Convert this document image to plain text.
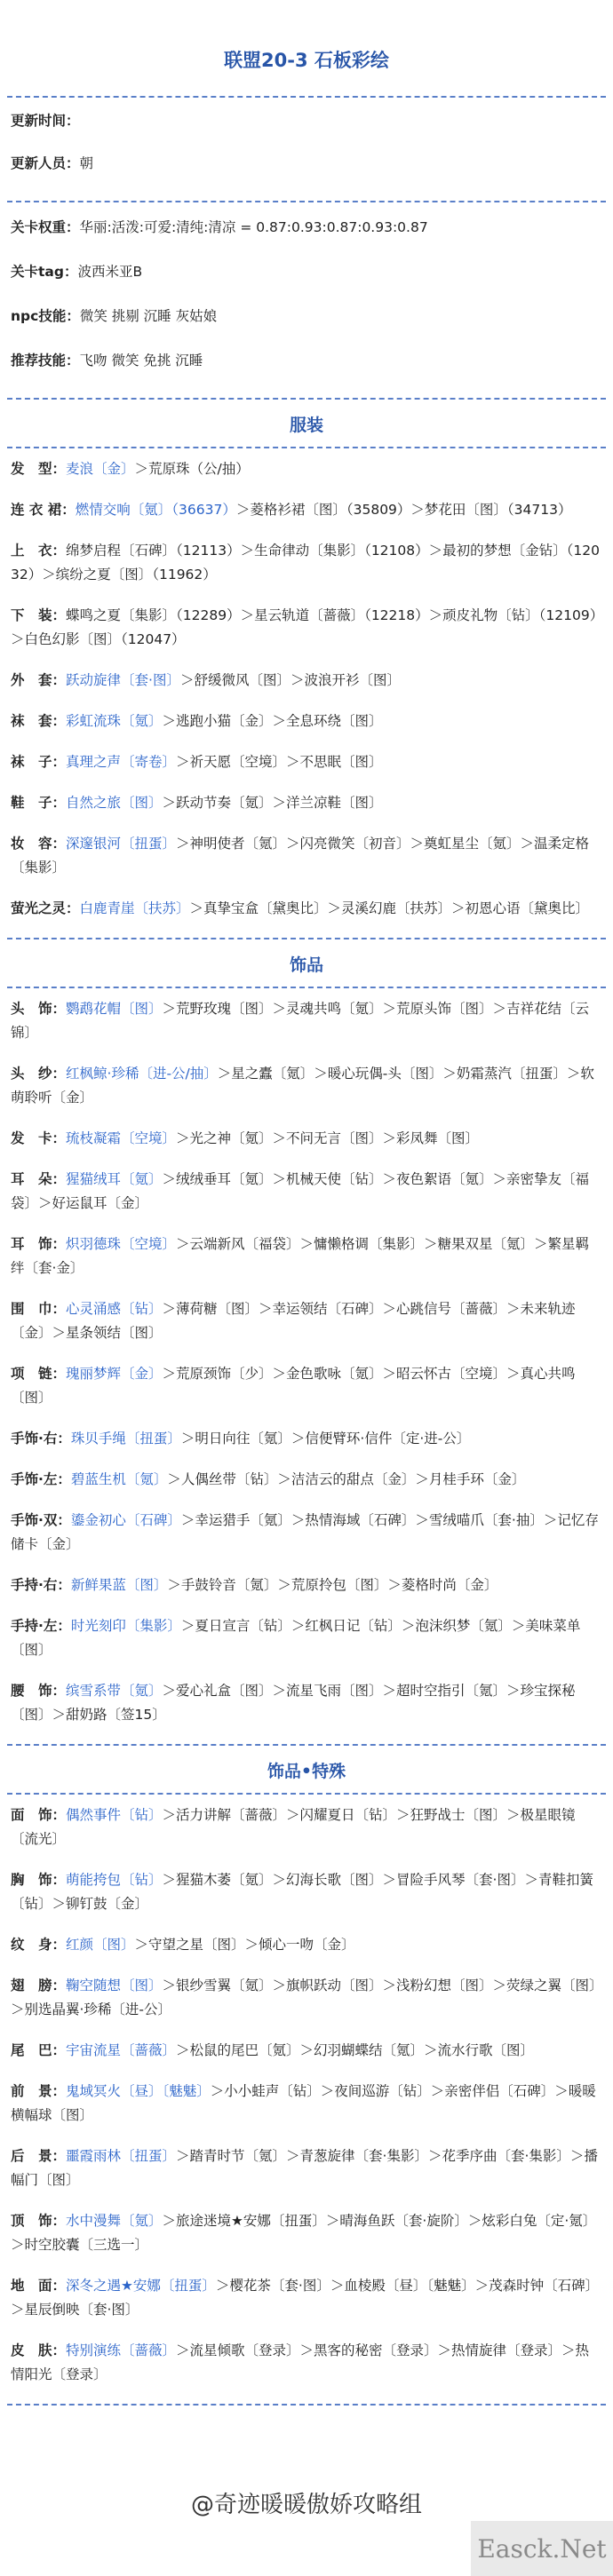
联盟20-3 石板彩绘
更新时间：
更新人员：朝
关卡权重：华丽:活泼:可爱:清纯:清凉 = 0.87:0.93:0.87:0.93:0.87
关卡tag：波西米亚B
npc技能：微笑 挑剔 沉睡 灰姑娘
推荐技能：飞吻 微笑 免挑 沉睡
服装
发　型：麦浪〔金〕＞荒原珠（公/抽）
连 衣 裙：燃情交响〔氪〕（36637）＞菱格衫裙〔图〕（35809）＞梦花田〔图〕（34713）
上　衣：绵梦启程〔石碑〕（12113）＞生命律动〔集影〕（12108）＞最初的梦想〔金钻〕（12032）＞缤纷之夏〔图〕（11962）
下　装：蝶鸣之夏〔集影〕（12289）＞星云轨道〔蔷薇〕（12218）＞顽皮礼物〔钻〕（12109）＞白色幻影〔图〕（12047）
外　套：跃动旋律〔套·图〕＞舒缓微风〔图〕＞波浪开衫〔图〕
袜　套：彩虹流珠〔氪〕＞逃跑小猫〔金〕＞全息环绕〔图〕
袜　子：真理之声〔寄卷〕＞祈天愿〔空境〕＞不思眠〔图〕
鞋　子：自然之旅〔图〕＞跃动节奏〔氪〕＞洋兰凉鞋〔图〕
妆　容：深邃银河〔扭蛋〕＞神明使者〔氪〕＞闪亮微笑〔初音〕＞奠虹星尘〔氪〕＞温柔定格〔集影〕
萤光之灵：白鹿青崖〔扶苏〕＞真挚宝盒〔黛奥比〕＞灵溪幻鹿〔扶苏〕＞初恩心语〔黛奥比〕
饰品
头　饰：鹦鹉花帽〔图〕＞荒野玫瑰〔图〕＞灵魂共鸣〔氪〕＞荒原头饰〔图〕＞吉祥花结〔云锦〕
头　纱：红枫鲸·珍稀〔进-公/抽〕＞星之蠹〔氪〕＞暖心玩偶-头〔图〕＞奶霜蒸汽〔扭蛋〕＞软萌聆听〔金〕
发　卡：琉枝凝霜〔空境〕＞光之神〔氪〕＞不问无言〔图〕＞彩凤舞〔图〕
耳　朵：猩猫绒耳〔氪〕＞绒绒垂耳〔氪〕＞机械天使〔钻〕＞夜色絮语〔氪〕＞亲密挚友〔福袋〕＞好运鼠耳〔金〕
耳　饰：炽羽德珠〔空境〕＞云端新风〔福袋〕＞慵懒格调〔集影〕＞糖果双星〔氪〕＞繁星羁绊〔套·金〕
围　巾：心灵涌感〔钻〕＞薄荷糖〔图〕＞幸运领结〔石碑〕＞心跳信号〔蔷薇〕＞未来轨迹〔金〕＞星条领结〔图〕
项　链：瑰丽梦辉〔金〕＞荒原颈饰〔少〕＞金色歌咏〔氪〕＞昭云怀古〔空境〕＞真心共鸣〔图〕
手饰·右：珠贝手绳〔扭蛋〕＞明日向往〔氪〕＞信便臂环·信件〔定·进-公〕
手饰·左：碧蓝生机〔氪〕＞人偶丝带〔钻〕＞洁洁云的甜点〔金〕＞月桂手环〔金〕
手饰·双：鎏金初心〔石碑〕＞幸运猎手〔氪〕＞热情海域〔石碑〕＞雪绒喵爪〔套·抽〕＞记忆存储卡〔金〕
手持·右：新鲜果蓝〔图〕＞手鼓铃音〔氪〕＞荒原拎包〔图〕＞菱格时尚〔金〕
手持·左：时光刻印〔集影〕＞夏日宣言〔钻〕＞红枫日记〔钻〕＞泡沫织梦〔氪〕＞美味菜单〔图〕
腰　饰：缤雪系带〔氪〕＞爱心礼盒〔图〕＞流星飞雨〔图〕＞超时空指引〔氪〕＞珍宝探秘〔图〕＞甜奶路〔签15〕
饰品•特殊
面　饰：偶然事件〔钻〕＞活力讲解〔蔷薇〕＞闪耀夏日〔钻〕＞狂野战士〔图〕＞极星眼镜〔流光〕
胸　饰：萌能挎包〔钻〕＞猩猫木萎〔氪〕＞幻海长歌〔图〕＞冒险手风琴〔套·图〕＞青鞋扣簧〔钻〕＞铆钉鼓〔金〕
纹　身：红颜〔图〕＞守望之星〔图〕＞倾心一吻〔金〕
翅　膀：鞠空随想〔图〕＞银纱雪翼〔氪〕＞旗帜跃动〔图〕＞浅粉幻想〔图〕＞荧绿之翼〔图〕＞别选晶翼·珍稀〔进-公〕
尾　巴：宇宙流星〔蔷薇〕＞松鼠的尾巴〔氪〕＞幻羽蝴蝶结〔氪〕＞流水行歌〔图〕
前　景：鬼域冥火〔昼〕〔魅魅〕＞小小蛙声〔钻〕＞夜间巡游〔钻〕＞亲密伴侣〔石碑〕＞暖暖横幅球〔图〕
后　景：噩霞雨林〔扭蛋〕＞踏青时节〔氪〕＞青葱旋律〔套·集影〕＞花季序曲〔套·集影〕＞播幅门〔图〕
顶　饰：水中漫舞〔氪〕＞旅途迷境★安娜〔扭蛋〕＞晴海鱼跃〔套·旋阶〕＞炫彩白兔〔定·氪〕＞时空胶囊〔三选一〕
地　面：深冬之遇★安娜〔扭蛋〕＞樱花茶〔套·图〕＞血棱殿〔昼〕〔魅魅〕＞茂森时钟〔石碑〕＞星辰倒映〔套·图〕
皮　肤：特别演练〔蔷薇〕＞流星倾歌〔登录〕＞黑客的秘密〔登录〕＞热情旋律〔登录〕＞热情阳光〔登录〕
@奇迹暖暖傲娇攻略组
Easck.Net
